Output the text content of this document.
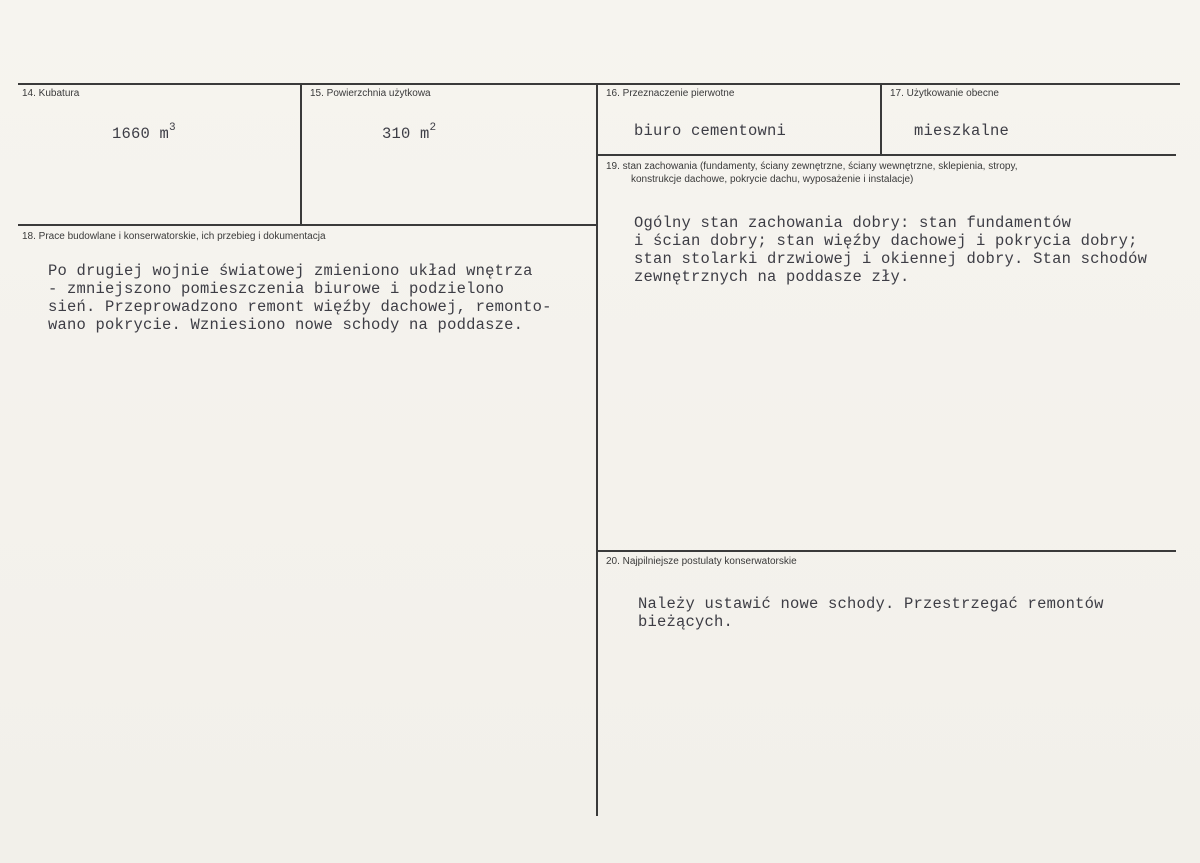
14. Kubatura
1660 $m^3$
15. Powierzchnia użytkowa
310 $m^2$
16. Przeznaczenie pierwotne
biuro cementowni
17. Użytkowanie obecne
mieszkalne
18. Prace budowlane i konserwatorskie, ich przebieg i dokumentacja
Po drugiej wojnie światowej zmieniono układ wnętrza
- zmniejszono pomieszczenia biurowe i podzielono
sień. Przeprowadzono remont więźby dachowej, remonto-
wano pokrycie. Wzniesiono nowe schody na poddasze.
19. stan zachowania (fundamenty, ściany zewnętrzne, ściany wewnętrzne, sklepienia, stropy,
konstrukcje dachowe, pokrycie dachu, wyposażenie i instalacje)
Ogólny stan zachowania dobry: stan fundamentów
i ścian dobry; stan więźby dachowej i pokrycia dobry;
stan stolarki drzwiowej i okiennej dobry. Stan schodów
zewnętrznych na poddasze zły.
20. Najpilniejsze postulaty konserwatorskie
Należy ustawić nowe schody. Przestrzegać remontów
bieżących.
